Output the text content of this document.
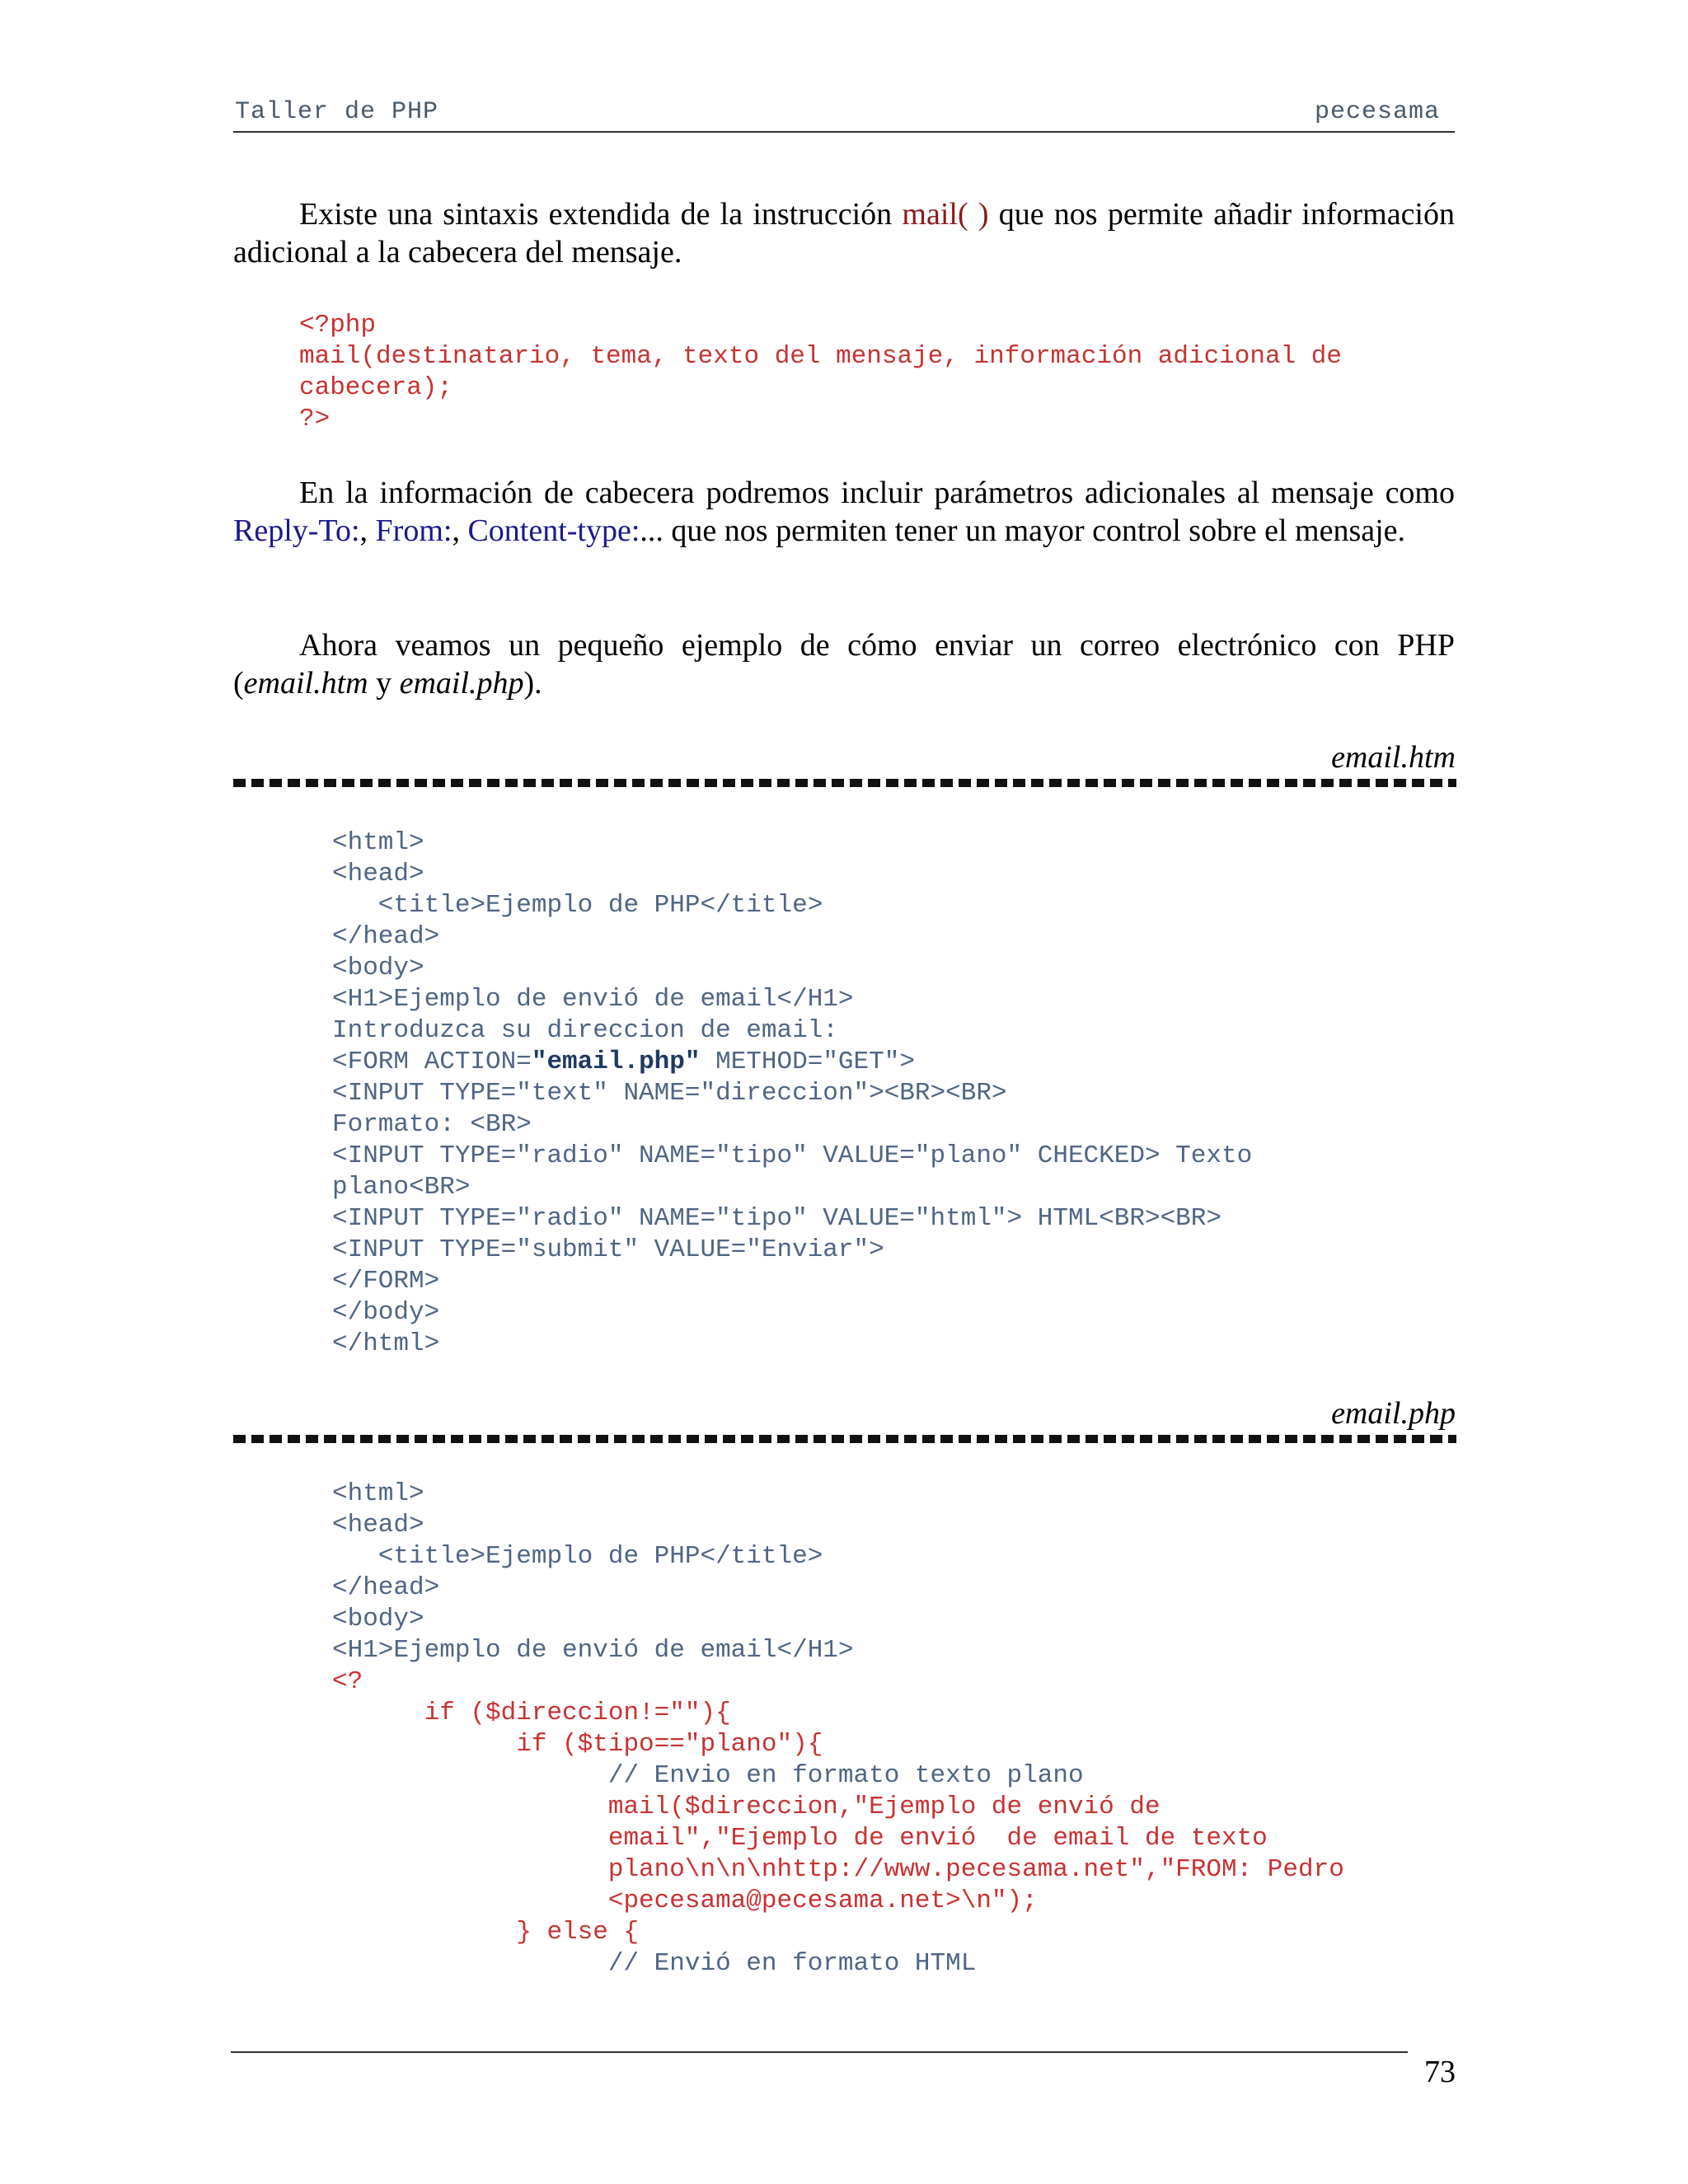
Taller de PHP	pecesama
Existe una sintaxis extendida de la instrucción mail( ) que nos permite añadir información adicional a la cabecera del mensaje.
<?php
mail(destinatario, tema, texto del mensaje, información adicional de
cabecera);
?>
En la información de cabecera podremos incluir parámetros adicionales al mensaje como Reply-To:, From:, Content-type:... que nos permiten tener un mayor control sobre el mensaje.
Ahora veamos un pequeño ejemplo de cómo enviar un correo electrónico con PHP (email.htm y email.php).
email.htm
<html>
<head>
<title>Ejemplo de PHP</title>
</head>
<body>
<H1>Ejemplo de envió de email</H1>
Introduzca su direccion de email:
<FORM ACTION="email.php" METHOD="GET">
<INPUT TYPE="text" NAME="direccion"><BR><BR>
Formato: <BR>
<INPUT TYPE="radio" NAME="tipo" VALUE="plano" CHECKED> Texto
plano<BR>
<INPUT TYPE="radio" NAME="tipo" VALUE="html"> HTML<BR><BR>
<INPUT TYPE="submit" VALUE="Enviar">
</FORM>
</body>
</html>
email.php
<html>
<head>
<title>Ejemplo de PHP</title>
</head>
<body>
<H1>Ejemplo de envió de email</H1>
<?
if ($direccion!=""){
if ($tipo=="plano"){
// Envio en formato texto plano
mail($direccion,"Ejemplo de envió de
email","Ejemplo de envió  de email de texto
plano\n\n\nhttp://www.pecesama.net","FROM: Pedro
<pecesama@pecesama.net>\n");
} else {
// Envió en formato HTML
73
